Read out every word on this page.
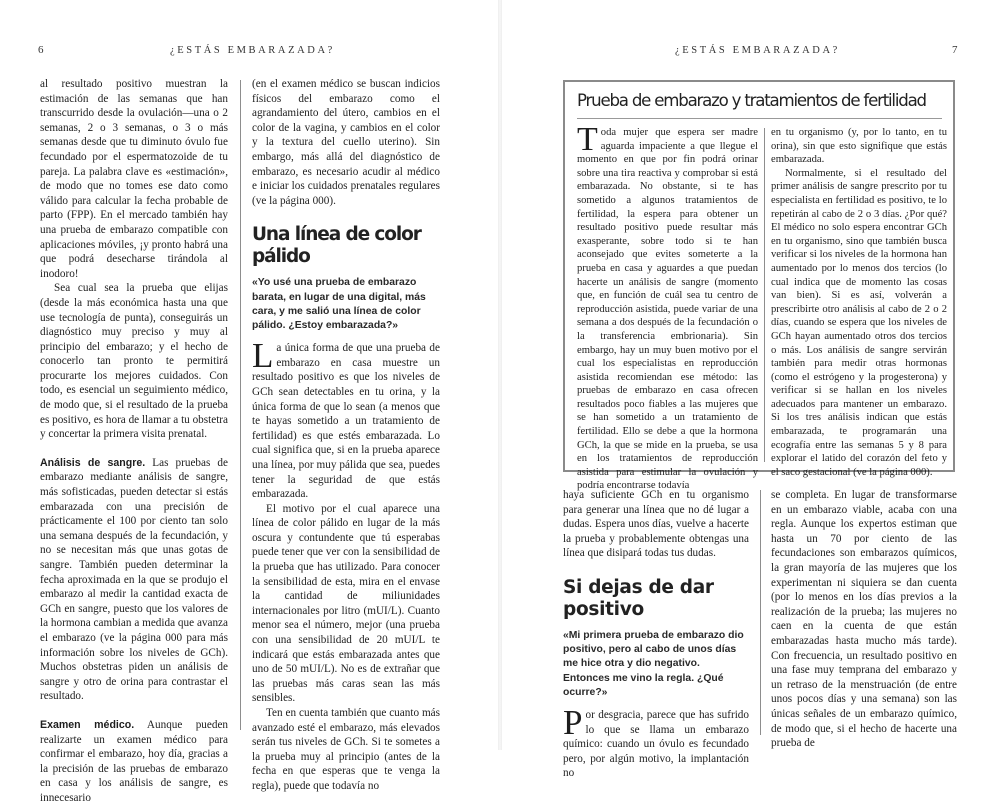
6	¿ESTÁS EMBARAZADA?

al resultado positivo muestran la estimación de las semanas que han transcurrido desde la ovulación—una o 2 semanas, 2 o 3 semanas, o 3 o más semanas desde que tu diminuto óvulo fue fecundado por el espermatozoide de tu pareja. La palabra clave es «estimación», de modo que no tomes ese dato como válido para calcular la fecha probable de parto (FPP). En el mercado también hay una prueba de embarazo compatible con aplicaciones móviles, ¡y pronto habrá una que podrá desecharse tirándola al inodoro!

Sea cual sea la prueba que elijas (desde la más económica hasta una que use tecnología de punta), conseguirás un diagnóstico muy preciso y muy al principio del embarazo; y el hecho de conocerlo tan pronto te permitirá procurarte los mejores cuidados. Con todo, es esencial un seguimiento médico, de modo que, si el resultado de la prueba es positivo, es hora de llamar a tu obstetra y concertar la primera visita prenatal.

Análisis de sangre. Las pruebas de embarazo mediante análisis de sangre, más sofisticadas, pueden detectar si estás embarazada con una precisión de prácticamente el 100 por ciento tan solo una semana después de la fecundación, y no se necesitan más que unas gotas de sangre. También pueden determinar la fecha aproximada en la que se produjo el embarazo al medir la cantidad exacta de GCh en sangre, puesto que los valores de la hormona cambian a medida que avanza el embarazo (ve la página 000 para más información sobre los niveles de GCh). Muchos obstetras piden un análisis de sangre y otro de orina para contrastar el resultado.

Examen médico. Aunque pueden realizarte un examen médico para confirmar el embarazo, hoy día, gracias a la precisión de las pruebas de embarazo en casa y los análisis de sangre, es innecesario

(en el examen médico se buscan indicios físicos del embarazo como el agrandamiento del útero, cambios en el color de la vagina, y cambios en el color y la textura del cuello uterino). Sin embargo, más allá del diagnóstico de embarazo, es necesario acudir al médico e iniciar los cuidados prenatales regulares (ve la página 000).

Una línea de color pálido

«Yo usé una prueba de embarazo barata, en lugar de una digital, más cara, y me salió una línea de color pálido. ¿Estoy embarazada?»

La única forma de que una prueba de embarazo en casa muestre un resultado positivo es que los niveles de GCh sean detectables en tu orina, y la única forma de que lo sean (a menos que te hayas sometido a un tratamiento de fertilidad) es que estés embarazada. Lo cual significa que, si en la prueba aparece una línea, por muy pálida que sea, puedes tener la seguridad de que estás embarazada.

El motivo por el cual aparece una línea de color pálido en lugar de la más oscura y contundente que tú esperabas puede tener que ver con la sensibilidad de la prueba que has utilizado. Para conocer la sensibilidad de esta, mira en el envase la cantidad de miliunidades internacionales por litro (mUI/L). Cuanto menor sea el número, mejor (una prueba con una sensibilidad de 20 mUI/L te indicará que estás embarazada antes que uno de 50 mUI/L). No es de extrañar que las pruebas más caras sean las más sensibles.

Ten en cuenta también que cuanto más avanzado esté el embarazo, más elevados serán tus niveles de GCh. Si te sometes a la prueba muy al principio (antes de la fecha en que esperas que te venga la regla), puede que todavía no

¿ESTÁS EMBARAZADA?	7
Prueba de embarazo y tratamientos de fertilidad

Toda mujer que espera ser madre aguarda impaciente a que llegue el momento en que por fin podrá orinar sobre una tira reactiva y comprobar si está embarazada. No obstante, si te has sometido a algunos tratamientos de fertilidad, la espera para obtener un resultado positivo puede resultar más exasperante, sobre todo si te han aconsejado que evites someterte a la prueba en casa y aguardes a que puedan hacerte un análisis de sangre (momento que, en función de cuál sea tu centro de reproducción asistida, puede variar de una semana a dos después de la fecundación o la transferencia embrionaria). Sin embargo, hay un muy buen motivo por el cual los especialistas en reproducción asistida recomiendan ese método: las pruebas de embarazo en casa ofrecen resultados poco fiables a las mujeres que se han sometido a un tratamiento de fertilidad. Ello se debe a que la hormona GCh, la que se mide en la prueba, se usa en los tratamientos de reproducción asistida para estimular la ovulación y podría encontrarse todavía

en tu organismo (y, por lo tanto, en tu orina), sin que esto signifique que estás embarazada.

Normalmente, si el resultado del primer análisis de sangre prescrito por tu especialista en fertilidad es positivo, te lo repetirán al cabo de 2 o 3 días. ¿Por qué? El médico no solo espera encontrar GCh en tu organismo, sino que también busca verificar si los niveles de la hormona han aumentado por lo menos dos tercios (lo cual indica que de momento las cosas van bien). Si es así, volverán a prescribirte otro análisis al cabo de 2 o 2 días, cuando se espera que los niveles de GCh hayan aumentado otros dos tercios o más. Los análisis de sangre servirán también para medir otras hormonas (como el estrógeno y la progesterona) y verificar si se hallan en los niveles adecuados para mantener un embarazo. Si los tres análisis indican que estás embarazada, te programarán una ecografía entre las semanas 5 y 8 para explorar el latido del corazón del feto y el saco gestacional (ve la página 000).

haya suficiente GCh en tu organismo para generar una línea que no dé lugar a dudas. Espera unos días, vuelve a hacerte la prueba y probablemente obtengas una línea que disipará todas tus dudas.

Si dejas de dar positivo

«Mi primera prueba de embarazo dio positivo, pero al cabo de unos días me hice otra y dio negativo. Entonces me vino la regla. ¿Qué ocurre?»

Por desgracia, parece que has sufrido lo que se llama un embarazo químico: cuando un óvulo es fecundado pero, por algún motivo, la implantación no

se completa. En lugar de transformarse en un embarazo viable, acaba con una regla. Aunque los expertos estiman que hasta un 70 por ciento de las fecundaciones son embarazos químicos, la gran mayoría de las mujeres que los experimentan ni siquiera se dan cuenta (por lo menos en los días previos a la realización de la prueba; las mujeres no caen en la cuenta de que están embarazadas hasta mucho más tarde). Con frecuencia, un resultado positivo en una fase muy temprana del embarazo y un retraso de la menstruación (de entre unos pocos días y una semana) son las únicas señales de un embarazo químico, de modo que, si el hecho de hacerte una prueba de
